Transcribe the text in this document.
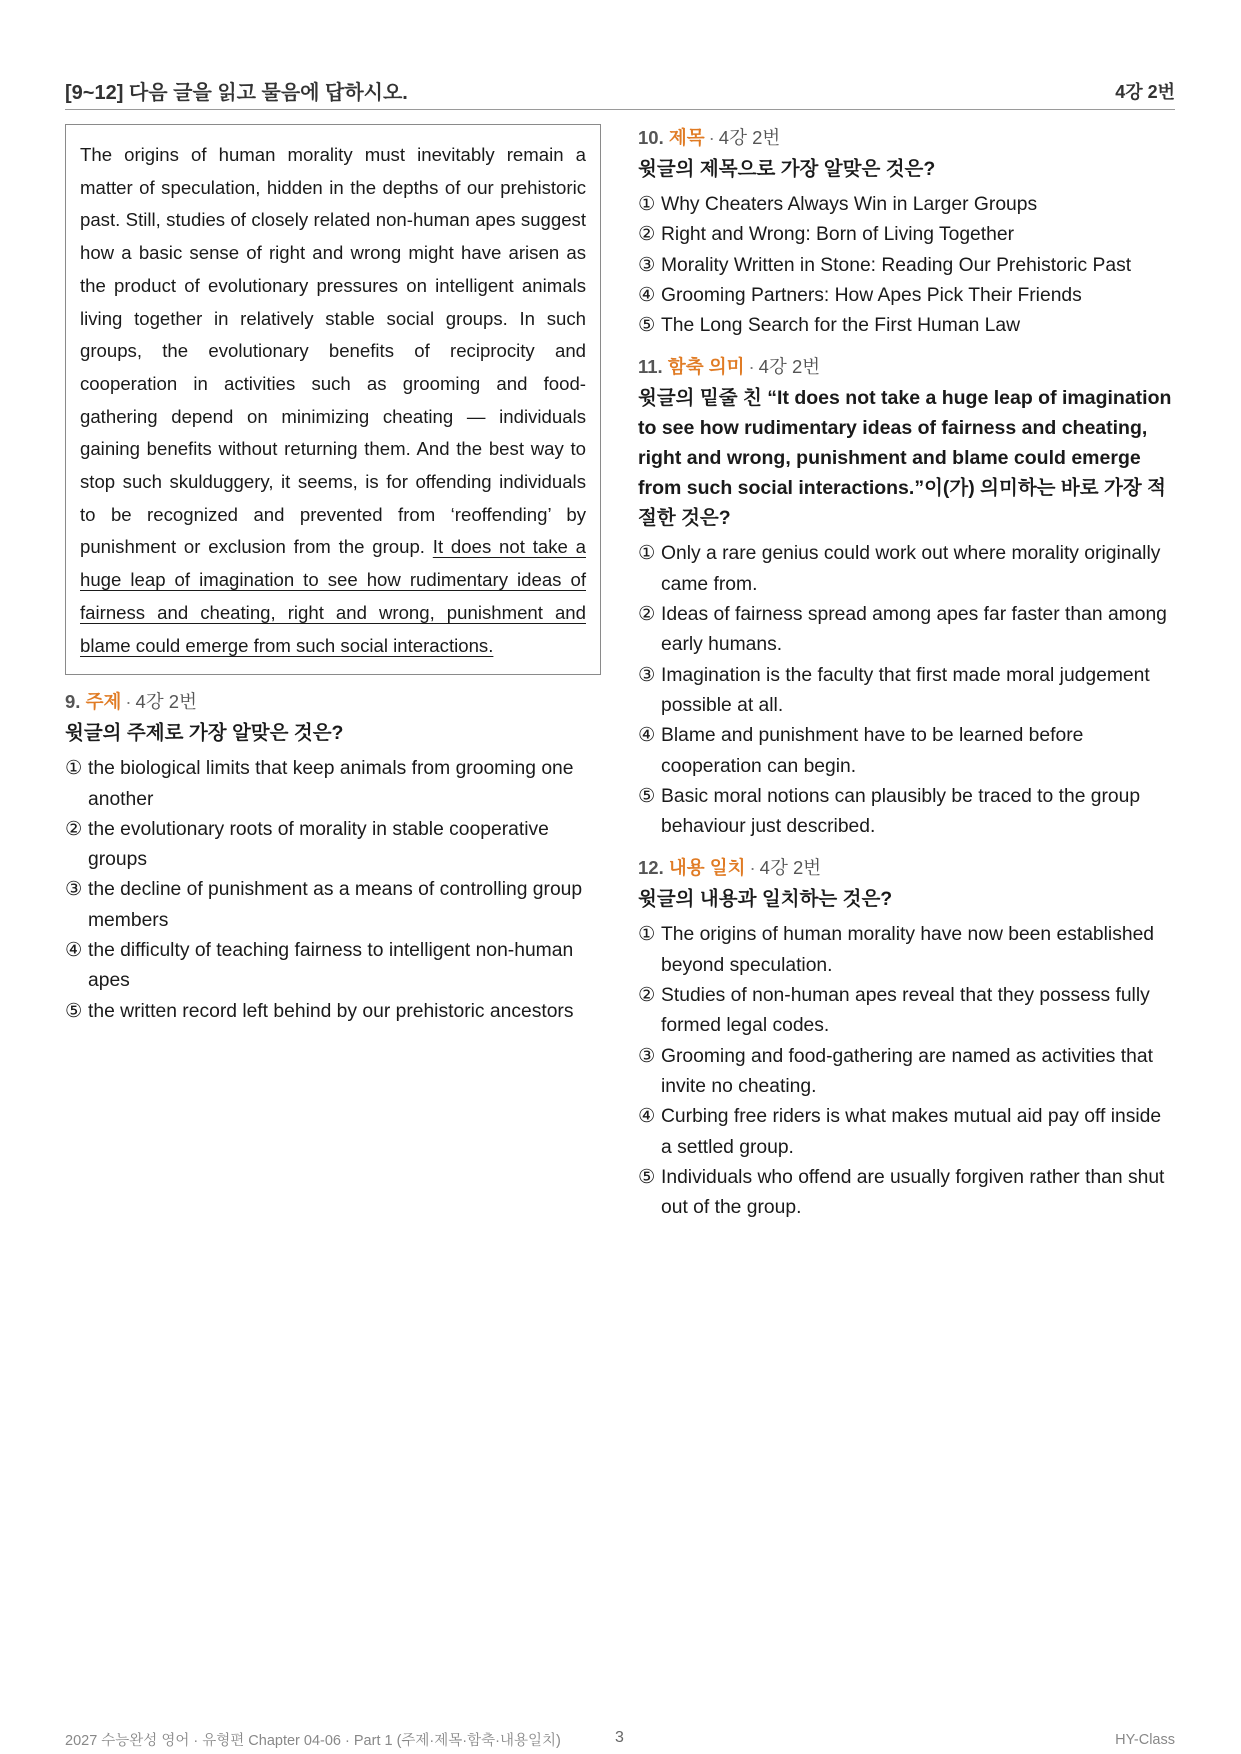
[9~12] 다음 글을 읽고 물음에 답하시오.	4강 2번
The origins of human morality must inevitably remain a matter of speculation, hidden in the depths of our prehistoric past. Still, studies of closely related non-human apes suggest how a basic sense of right and wrong might have arisen as the product of evolutionary pressures on intelligent animals living together in relatively stable social groups. In such groups, the evolutionary benefits of reciprocity and cooperation in activities such as grooming and food-gathering depend on minimizing cheating — individuals gaining benefits without returning them. And the best way to stop such skulduggery, it seems, is for offending individuals to be recognized and prevented from ‘reoffending’ by punishment or exclusion from the group. It does not take a huge leap of imagination to see how rudimentary ideas of fairness and cheating, right and wrong, punishment and blame could emerge from such social interactions.
9. 주제 · 4강 2번
윗글의 주제로 가장 알맞은 것은?
① the biological limits that keep animals from grooming one another
② the evolutionary roots of morality in stable cooperative groups
③ the decline of punishment as a means of controlling group members
④ the difficulty of teaching fairness to intelligent non-human apes
⑤ the written record left behind by our prehistoric ancestors
10. 제목 · 4강 2번
윗글의 제목으로 가장 알맞은 것은?
① Why Cheaters Always Win in Larger Groups
② Right and Wrong: Born of Living Together
③ Morality Written in Stone: Reading Our Prehistoric Past
④ Grooming Partners: How Apes Pick Their Friends
⑤ The Long Search for the First Human Law
11. 함축 의미 · 4강 2번
윗글의 밑줄 친 “It does not take a huge leap of imagination to see how rudimentary ideas of fairness and cheating, right and wrong, punishment and blame could emerge from such social interactions.”이(가) 의미하는 바로 가장 적절한 것은?
① Only a rare genius could work out where morality originally came from.
② Ideas of fairness spread among apes far faster than among early humans.
③ Imagination is the faculty that first made moral judgement possible at all.
④ Blame and punishment have to be learned before cooperation can begin.
⑤ Basic moral notions can plausibly be traced to the group behaviour just described.
12. 내용 일치 · 4강 2번
윗글의 내용과 일치하는 것은?
① The origins of human morality have now been established beyond speculation.
② Studies of non-human apes reveal that they possess fully formed legal codes.
③ Grooming and food-gathering are named as activities that invite no cheating.
④ Curbing free riders is what makes mutual aid pay off inside a settled group.
⑤ Individuals who offend are usually forgiven rather than shut out of the group.
2027 수능완성 영어 · 유형편 Chapter 04-06 · Part 1 (주제·제목·함축·내용일치)	3	HY-Class
